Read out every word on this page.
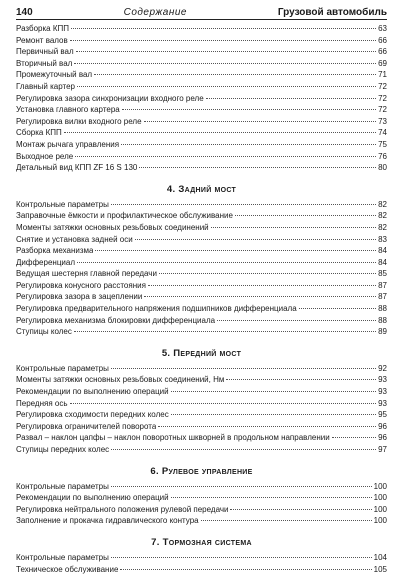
140	Содержание	Грузовой автомобиль
Разборка КПП	63
Ремонт валов	66
Первичный вал	66
Вторичный вал	69
Промежуточный вал	71
Главный картер	72
Регулировка зазора синхронизации входного реле	72
Установка главного картера	72
Регулировка вилки входного реле	73
Сборка КПП	74
Монтаж рычага управления	75
Выходное реле	76
Детальный вид КПП ZF 16 S 130	80
4. Задний мост
Контрольные параметры	82
Заправочные ёмкости и профилактическое обслуживание	82
Моменты затяжки основных резьбовых соединений	82
Снятие и установка задней оси	83
Разборка механизма	84
Дифференциал	84
Ведущая шестерня главной передачи	85
Регулировка конусного расстояния	87
Регулировка зазора в зацеплении	87
Регулировка предварительного напряжения подшипников дифференциала	88
Регулировка механизма блокировки дифференциала	88
Ступицы колес	89
5. Передний мост
Контрольные параметры	92
Моменты затяжки основных резьбовых соединений, Нм	93
Рекомендации по выполнению операций	93
Передняя ось	93
Регулировка сходимости передних колес	95
Регулировка ограничителей поворота	96
Развал – наклон цапфы – наклон поворотных шкворней в продольном направлении	96
Ступицы передних колес	97
6. Рулевое управление
Контрольные параметры	100
Рекомендации по выполнению операций	100
Регулировка нейтрального положения рулевой передачи	100
Заполнение и прокачка гидравлического контура	100
7. Тормозная система
Контрольные параметры	104
Техническое обслуживание	105
